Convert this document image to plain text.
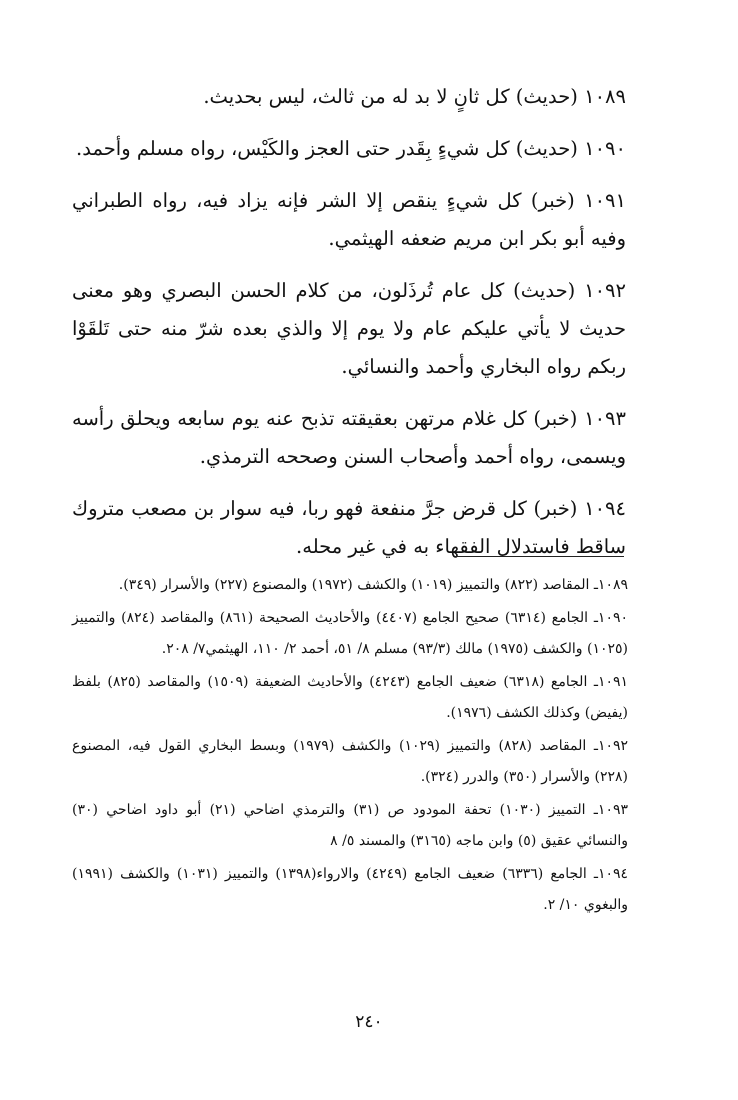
١٠٨٩ (حديث) كل ثانٍ لا بد له من ثالث، ليس بحديث.

١٠٩٠ (حديث) كل شيءٍ بِقَدر حتى العجز والكَيْس، رواه مسلم وأحمد.

١٠٩١ (خبر) كل شيءٍ ينقص إلا الشر فإنه يزاد فيه، رواه الطبراني وفيه أبو بكر ابن مريم ضعفه الهيثمي.

١٠٩٢ (حديث) كل عام تُرذَلون، من كلام الحسن البصري وهو معنى حديث لا يأتي عليكم عام ولا يوم إلا والذي بعده شرّ منه حتى تَلقَوْا ربكم رواه البخاري وأحمد والنسائي.

١٠٩٣ (خبر) كل غلام مرتهن بعقيقته تذبح عنه يوم سابعه ويحلق رأسه ويسمى، رواه أحمد وأصحاب السنن وصححه الترمذي.

١٠٩٤ (خبر) كل قرض جرَّ منفعة فهو ربا، فيه سوار بن مصعب متروك ساقط فاستدلال الفقهاء به في غير محله.

١٠٨٩ـ المقاصد (٨٢٢) والتمييز (١٠١٩) والكشف (١٩٧٢) والمصنوع (٢٢٧) والأسرار (٣٤٩).

١٠٩٠ـ الجامع (٦٣١٤) صحيح الجامع (٤٤٠٧) والأحاديث الصحيحة (٨٦١) والمقاصد (٨٢٤) والتمييز (١٠٢٥) والكشف (١٩٧٥) مالك (٩٣/٣) مسلم ٨/ ٥١، أحمد ٢/ ١١٠، الهيثمي٧/ ٢٠٨.

١٠٩١ـ الجامع (٦٣١٨) ضعيف الجامع (٤٢٤٣) والأحاديث الضعيفة (١٥٠٩) والمقاصد (٨٢٥) بلفظ (يفيض) وكذلك الكشف (١٩٧٦).

١٠٩٢ـ المقاصد (٨٢٨) والتمييز (١٠٢٩) والكشف (١٩٧٩) وبسط البخاري القول فيه، المصنوع (٢٢٨) والأسرار (٣٥٠) والدرر (٣٢٤).

١٠٩٣ـ التمييز (١٠٣٠) تحفة المودود ص (٣١) والترمذي اضاحي (٢١) أبو داود اضاحي (٣٠) والنسائي عقيق (٥) وابن ماجه (٣١٦٥) والمسند ٥/ ٨

١٠٩٤ـ الجامع (٦٣٣٦) ضعيف الجامع (٤٢٤٩) والارواء(١٣٩٨) والتمييز (١٠٣١) والكشف (١٩٩١) والبغوي ١٠/ ٢.

٢٤٠
